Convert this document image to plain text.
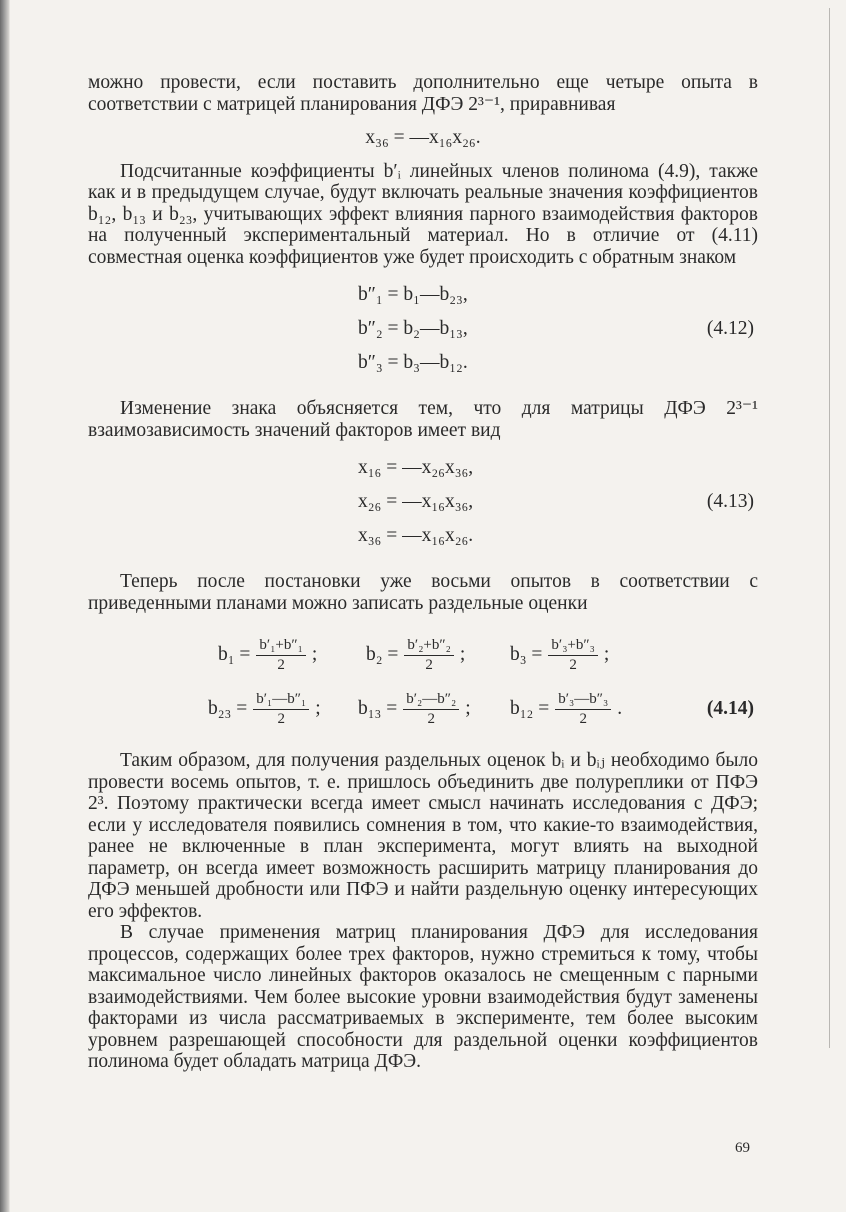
можно провести, если поставить дополнительно еще четыре опыта в соответствии с матрицей планирования ДФЭ 2³⁻¹, приравнивая

x₃₆ = —x₁₆x₂₆.

Подсчитанные коэффициенты b′ᵢ линейных членов полинома (4.9), также как и в предыдущем случае, будут включать реальные значения коэффициентов b₁₂, b₁₃ и b₂₃, учитывающих эффект влияния парного взаимодействия факторов на полученный экспериментальный материал. Но в отличие от (4.11) совместная оценка коэффициентов уже будет происходить с обратным знаком

b″₁ = b₁—b₂₃,
b″₂ = b₂—b₁₃,
b″₃ = b₃—b₁₂.
(4.12)

Изменение знака объясняется тем, что для матрицы ДФЭ 2³⁻¹ взаимозависимость значений факторов имеет вид

x₁₆ = —x₂₆x₃₆,
x₂₆ = —x₁₆x₃₆,
x₃₆ = —x₁₆x₂₆.
(4.13)

Теперь после постановки уже восьми опытов в соответствии с приведенными планами можно записать раздельные оценки

$b_1 = \frac{\text{b′₁+b″₁}}{2}$ ; $b_2 = \frac{\text{b′₂+b″₂}}{2}$ ; $b_3 = \frac{\text{b′₃+b″₃}}{2}$ ;
$b_{23} = \frac{\text{b′₁—b″₁}}{2}$ ; $b_{13} = \frac{\text{b′₂—b″₂}}{2}$ ; $b_{12} = \frac{\text{b′₃—b″₃}}{2}$ .	(4.14)

Таким образом, для получения раздельных оценок bᵢ и bᵢⱼ необходимо было провести восемь опытов, т. е. пришлось объединить две полуреплики от ПФЭ 2³. Поэтому практически всегда имеет смысл начинать исследования с ДФЭ; если у исследователя появились сомнения в том, что какие-то взаимодействия, ранее не включенные в план эксперимента, могут влиять на выходной параметр, он всегда имеет возможность расширить матрицу планирования до ДФЭ меньшей дробности или ПФЭ и найти раздельную оценку интересующих его эффектов.

В случае применения матриц планирования ДФЭ для исследования процессов, содержащих более трех факторов, нужно стремиться к тому, чтобы максимальное число линейных факторов оказалось не смещенным с парными взаимодействиями. Чем более высокие уровни взаимодействия будут заменены факторами из числа рассматриваемых в эксперименте, тем более высоким уровнем разрешающей способности для раздельной оценки коэффициентов полинома будет обладать матрица ДФЭ.

69
